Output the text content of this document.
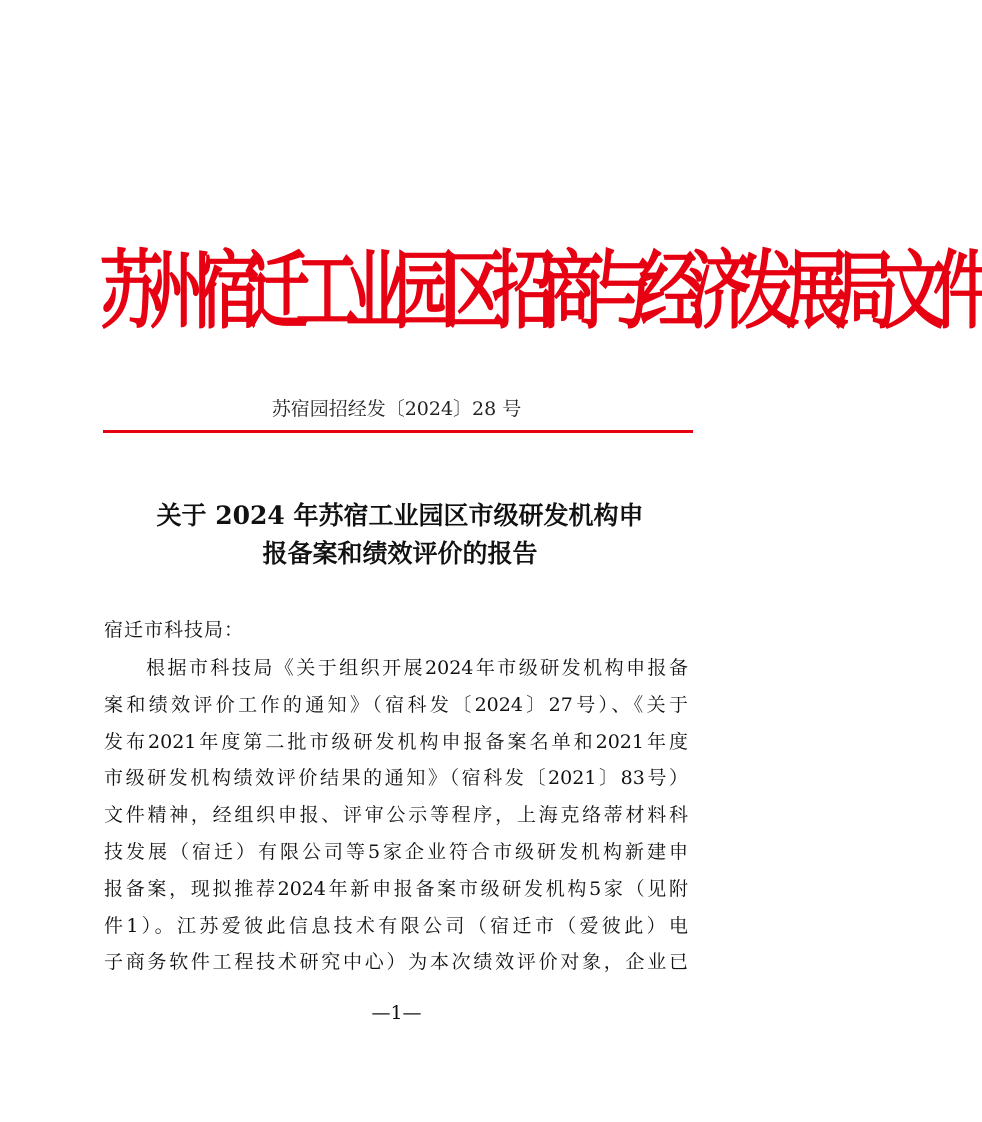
苏州宿迁工业园区招商与经济发展局文件
苏宿园招经发〔2024〕28 号
关于 2024 年苏宿工业园区市级研发机构申
报备案和绩效评价的报告
宿迁市科技局：
根据市科技局《关于组织开展2024年市级研发机构申报备
案和绩效评价工作的通知》（宿科发〔2024〕27号）、《关于
发布2021年度第二批市级研发机构申报备案名单和2021年度
市级研发机构绩效评价结果的通知》（宿科发〔2021〕83号）
文件精神，经组织申报、评审公示等程序，上海克络蒂材料科
技发展（宿迁）有限公司等5家企业符合市级研发机构新建申
报备案，现拟推荐2024年新申报备案市级研发机构5家（见附
件1）。江苏爱彼此信息技术有限公司（宿迁市（爱彼此）电
子商务软件工程技术研究中心）为本次绩效评价对象，企业已
—1—
